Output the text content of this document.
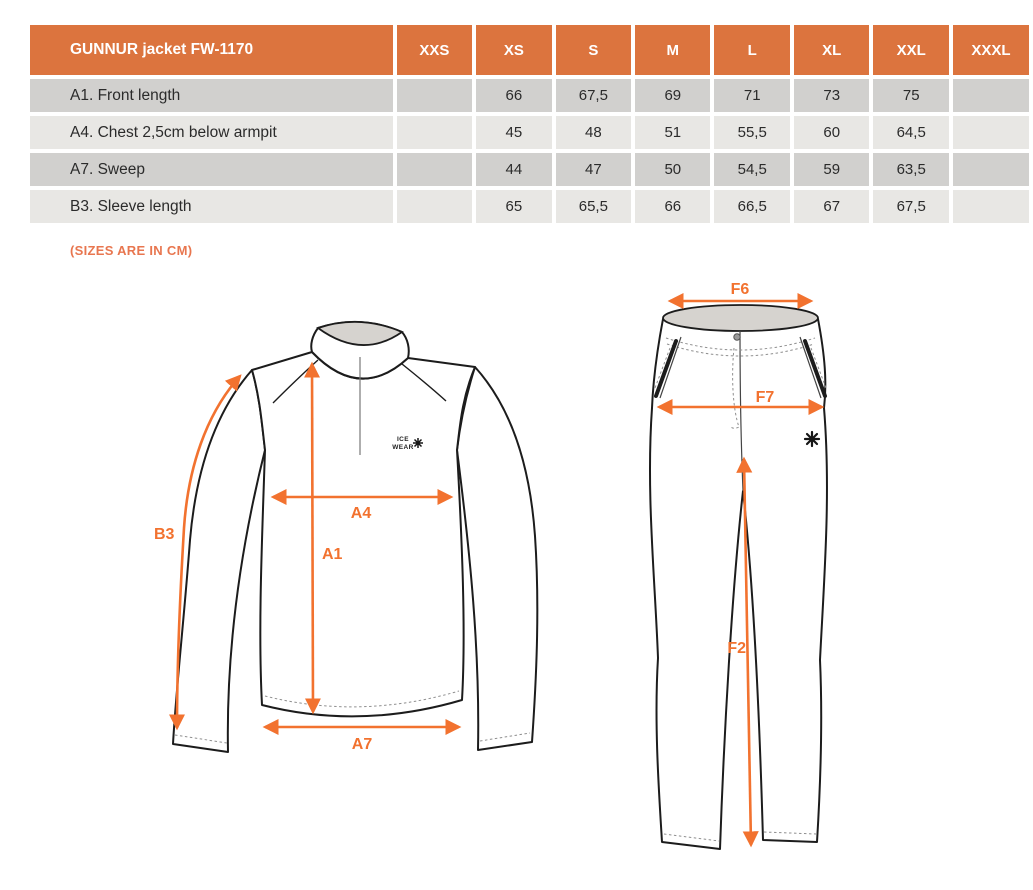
GUNNUR jacket FW-1170	XXS	XS	S	M	L	XL	XXL	XXXL
A1. Front length		66	67,5	69	71	73	75	
A4. Chest 2,5cm below armpit		45	48	51	55,5	60	64,5	
A7. Sweep		44	47	50	54,5	59	63,5	
B3. Sleeve length		65	65,5	66	66,5	67	67,5	
(SIZES ARE IN CM)
ICE
WEAR
B3
A4
A1
A7
F6
F7
F2
